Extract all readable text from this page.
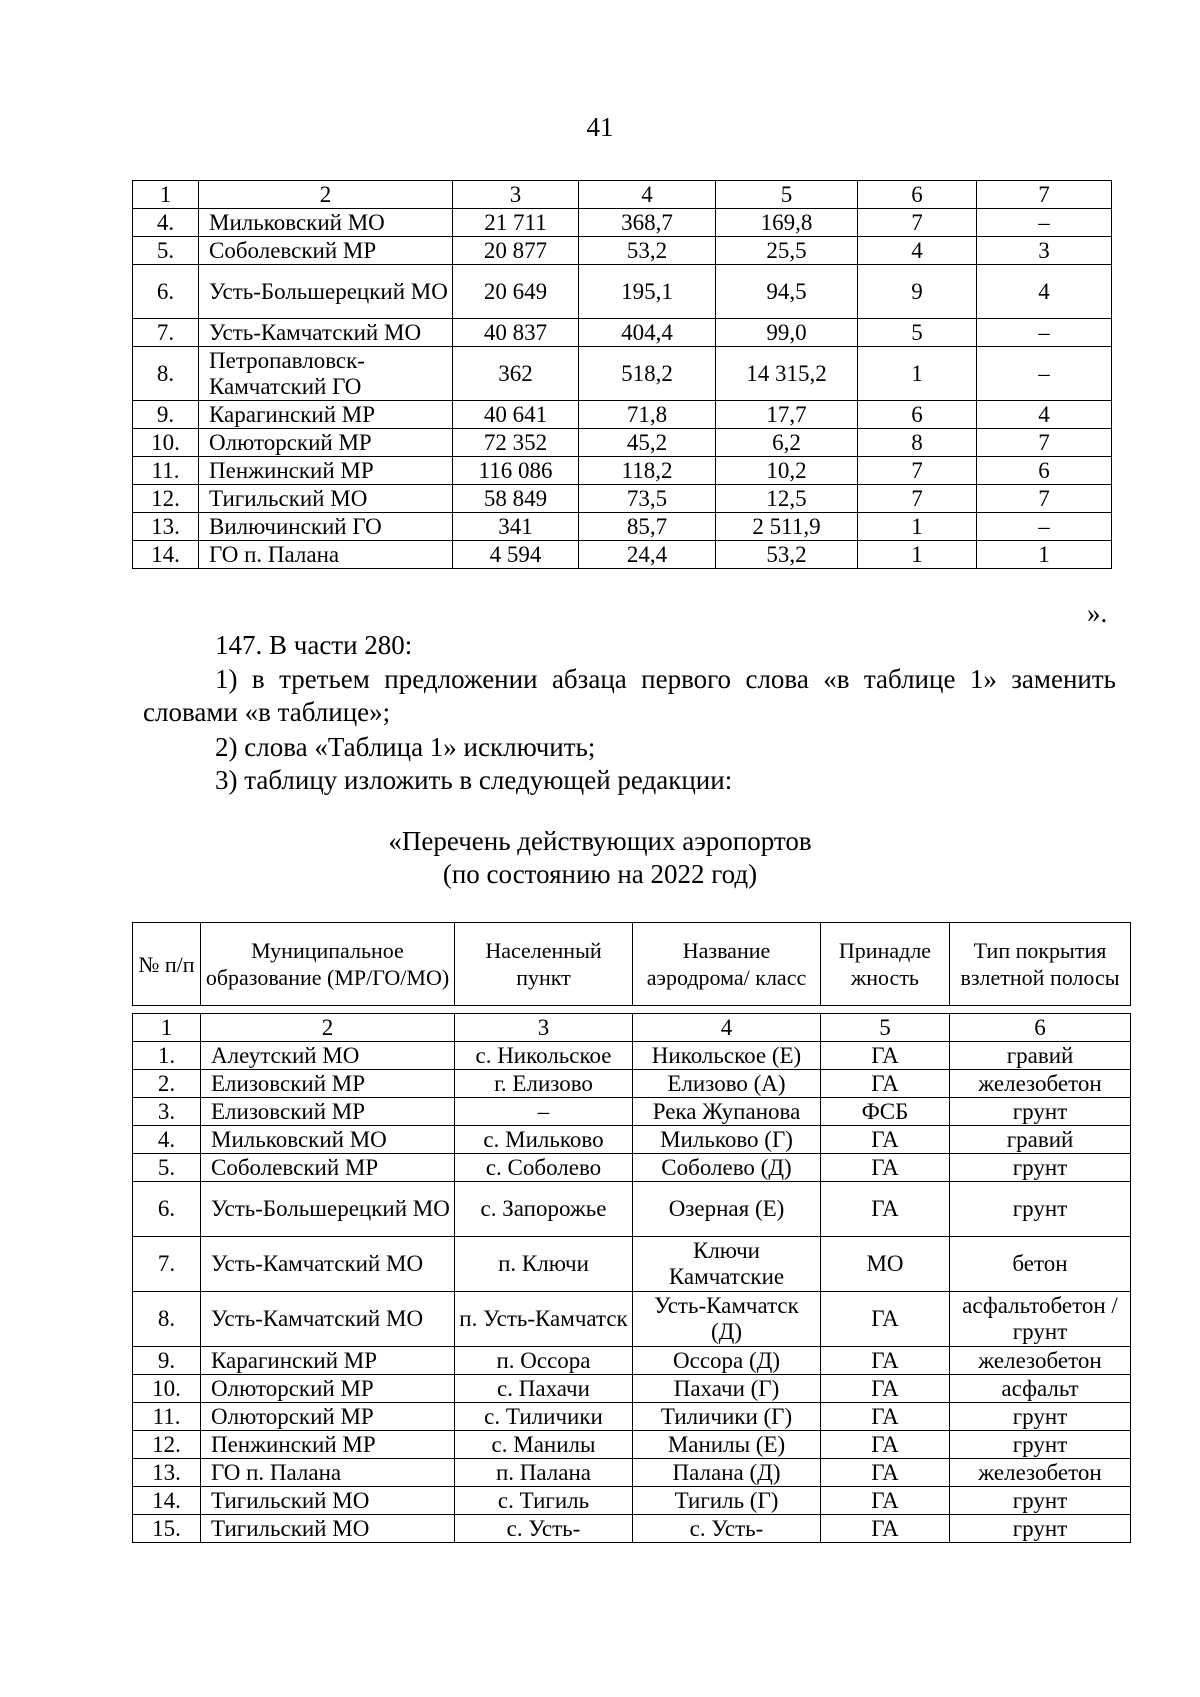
41
1	2	3	4	5	6	7
4.	Мильковский МО	21 711	368,7	169,8	7	–
5.	Соболевский МР	20 877	53,2	25,5	4	3
6.	Усть-Большерецкий МО	20 649	195,1	94,5	9	4
7.	Усть-Камчатский МО	40 837	404,4	99,0	5	–
8.	Петропавловск-Камчатский ГО	362	518,2	14 315,2	1	–
9.	Карагинский МР	40 641	71,8	17,7	6	4
10.	Олюторский МР	72 352	45,2	6,2	8	7
11.	Пенжинский МР	116 086	118,2	10,2	7	6
12.	Тигильский МО	58 849	73,5	12,5	7	7
13.	Вилючинский ГО	341	85,7	2 511,9	1	–
14.	ГО п. Палана	4 594	24,4	53,2	1	1
».
147. В части 280:
1) в третьем предложении абзаца первого слова «в таблице 1» заменить словами «в таблице»;
2) слова «Таблица 1» исключить;
3) таблицу изложить в следующей редакции:
«Перечень действующих аэропортов
(по состоянию на 2022 год)
№ п/п	Муниципальное образование (МР/ГО/МО)	Населенный пункт	Название аэродрома/ класс	Принадле жность	Тип покрытия взлетной полосы
1	2	3	4	5	6
1.	Алеутский МО	с. Никольское	Никольское (Е)	ГА	гравий
2.	Елизовский МР	г. Елизово	Елизово (А)	ГА	железобетон
3.	Елизовский МР	–	Река Жупанова	ФСБ	грунт
4.	Мильковский МО	с. Мильково	Мильково (Г)	ГА	гравий
5.	Соболевский МР	с. Соболево	Соболево (Д)	ГА	грунт
6.	Усть-Большерецкий МО	с. Запорожье	Озерная (Е)	ГА	грунт
7.	Усть-Камчатский МО	п. Ключи	Ключи Камчатские	МО	бетон
8.	Усть-Камчатский МО	п. Усть-Камчатск	Усть-Камчатск (Д)	ГА	асфальтобетон /грунт
9.	Карагинский МР	п. Оссора	Оссора (Д)	ГА	железобетон
10.	Олюторский МР	с. Пахачи	Пахачи (Г)	ГА	асфальт
11.	Олюторский МР	с. Тиличики	Тиличики (Г)	ГА	грунт
12.	Пенжинский МР	с. Манилы	Манилы (Е)	ГА	грунт
13.	ГО п. Палана	п. Палана	Палана (Д)	ГА	железобетон
14.	Тигильский МО	с. Тигиль	Тигиль (Г)	ГА	грунт
15.	Тигильский МО	с. Усть-	с. Усть-	ГА	грунт
